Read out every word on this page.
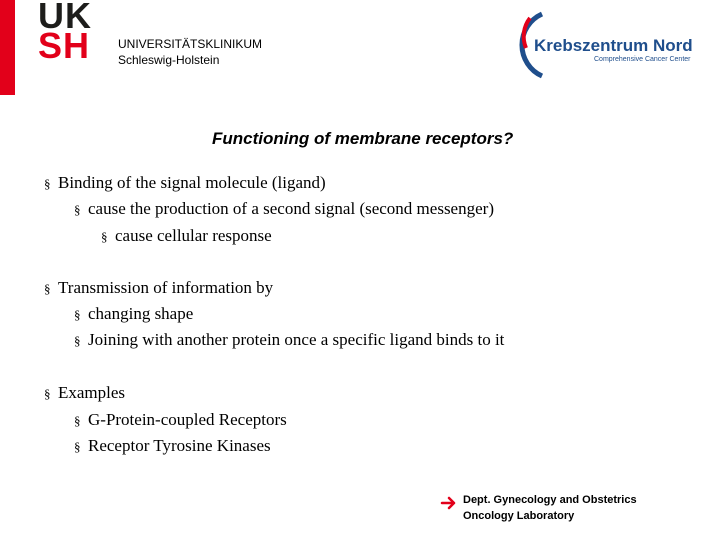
UK
SH UNIVERSITÄTSKLINIKUM
Schleswig-Holstein
Krebszentrum Nord
Comprehensive Cancer Center
Functioning of membrane receptors?
§ Binding of the signal molecule (ligand)
§ cause the production of a second signal (second messenger)
§ cause cellular response
§ Transmission of information by
§ changing shape
§ Joining with another protein once a specific ligand binds to it
§ Examples
§ G-Protein-coupled Receptors
§ Receptor Tyrosine Kinases
Dept. Gynecology and Obstetrics
Oncology Laboratory
